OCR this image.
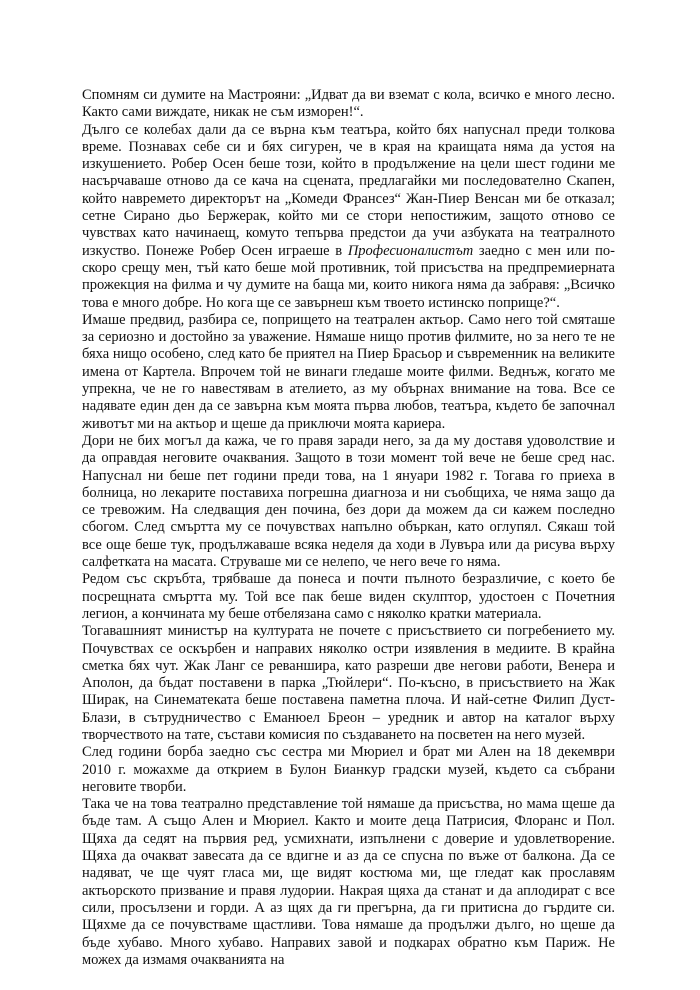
Спомням си думите на Мастрояни: „Идват да ви вземат с кола, всичко е много лесно. Както сами виждате, никак не съм изморен!“.

Дълго се колебах дали да се върна към театъра, който бях напуснал преди толкова време. Познавах себе си и бях сигурен, че в края на краищата няма да устоя на изкушението. Робер Осен беше този, който в продължение на цели шест години ме насърчаваше отново да се кача на сцената, предлагайки ми последователно Скапен, който навремето директорът на „Комеди Франсез“ Жан-Пиер Венсан ми бе отказал; сетне Сирано дьо Бержерак, който ми се стори непостижим, защото отново се чувствах като начинаещ, комуто тепърва предстои да учи азбуката на театралното изкуство. Понеже Робер Осен играеше в Професионалистът заедно с мен или по-скоро срещу мен, тъй като беше мой противник, той присъства на предпремиерната прожекция на филма и чу думите на баща ми, които никога няма да забравя: „Всичко това е много добре. Но кога ще се завърнеш към твоето истинско поприще?“.

Имаше предвид, разбира се, попрището на театрален актьор. Само него той смяташе за сериозно и достойно за уважение. Нямаше нищо против филмите, но за него те не бяха нищо особено, след като бе приятел на Пиер Брасьор и съвременник на великите имена от Картела. Впрочем той не винаги гледаше моите филми. Веднъж, когато ме упрекна, че не го навестявам в ателието, аз му обърнах внимание на това. Все се надявате един ден да се завърна към моята първа любов, театъра, където бе започнал животът ми на актьор и щеше да приключи моята кариера.

Дори не бих могъл да кажа, че го правя заради него, за да му доставя удоволствие и да оправдая неговите очаквания. Защото в този момент той вече не беше сред нас. Напуснал ни беше пет години преди това, на 1 януари 1982 г. Тогава го приеха в болница, но лекарите поставиха погрешна диагноза и ни съобщиха, че няма защо да се тревожим. На следващия ден почина, без дори да можем да си кажем последно сбогом. След смъртта му се почувствах напълно объркан, като оглупял. Сякаш той все още беше тук, продължаваше всяка неделя да ходи в Лувъра или да рисува върху салфетката на масата. Струваше ми се нелепо, че него вече го няма.

Редом със скръбта, трябваше да понеса и почти пълното безразличие, с което бе посрещната смъртта му. Той все пак беше виден скулптор, удостоен с Почетния легион, а кончината му беше отбелязана само с няколко кратки материала.

Тогавашният министър на културата не почете с присъствието си погребението му. Почувствах се оскърбен и направих няколко остри изявления в медиите. В крайна сметка бях чут. Жак Ланг се реваншира, като разреши две негови работи, Венера и Аполон, да бъдат поставени в парка „Тюйлери“. По-късно, в присъствието на Жак Ширак, на Синематеката беше поставена паметна плоча. И най-сетне Филип Дуст-Блази, в сътрудничество с Еманюел Бреон – уредник и автор на каталог върху творчеството на тате, състави комисия по създаването на посветен на него музей.

След години борба заедно със сестра ми Мюриел и брат ми Ален на 18 декември 2010 г. можахме да открием в Булон Бианкур градски музей, където са събрани неговите творби.

Така че на това театрално представление той нямаше да присъства, но мама щеше да бъде там. А също Ален и Мюриел. Както и моите деца Патрисия, Флоранс и Пол. Щяха да седят на първия ред, усмихнати, изпълнени с доверие и удовлетворение. Щяха да очакват завесата да се вдигне и аз да се спусна по въже от балкона. Да се надяват, че ще чуят гласа ми, ще видят костюма ми, ще гледат как прославям актьорското призвание и правя лудории. Накрая щяха да станат и да аплодират с все сили, просълзени и горди. А аз щях да ги прегърна, да ги притисна до гърдите си. Щяхме да се почувстваме щастливи. Това нямаше да продължи дълго, но щеше да бъде хубаво. Много хубаво. Направих завой и подкарах обратно към Париж. Не можех да измамя очакванията на
